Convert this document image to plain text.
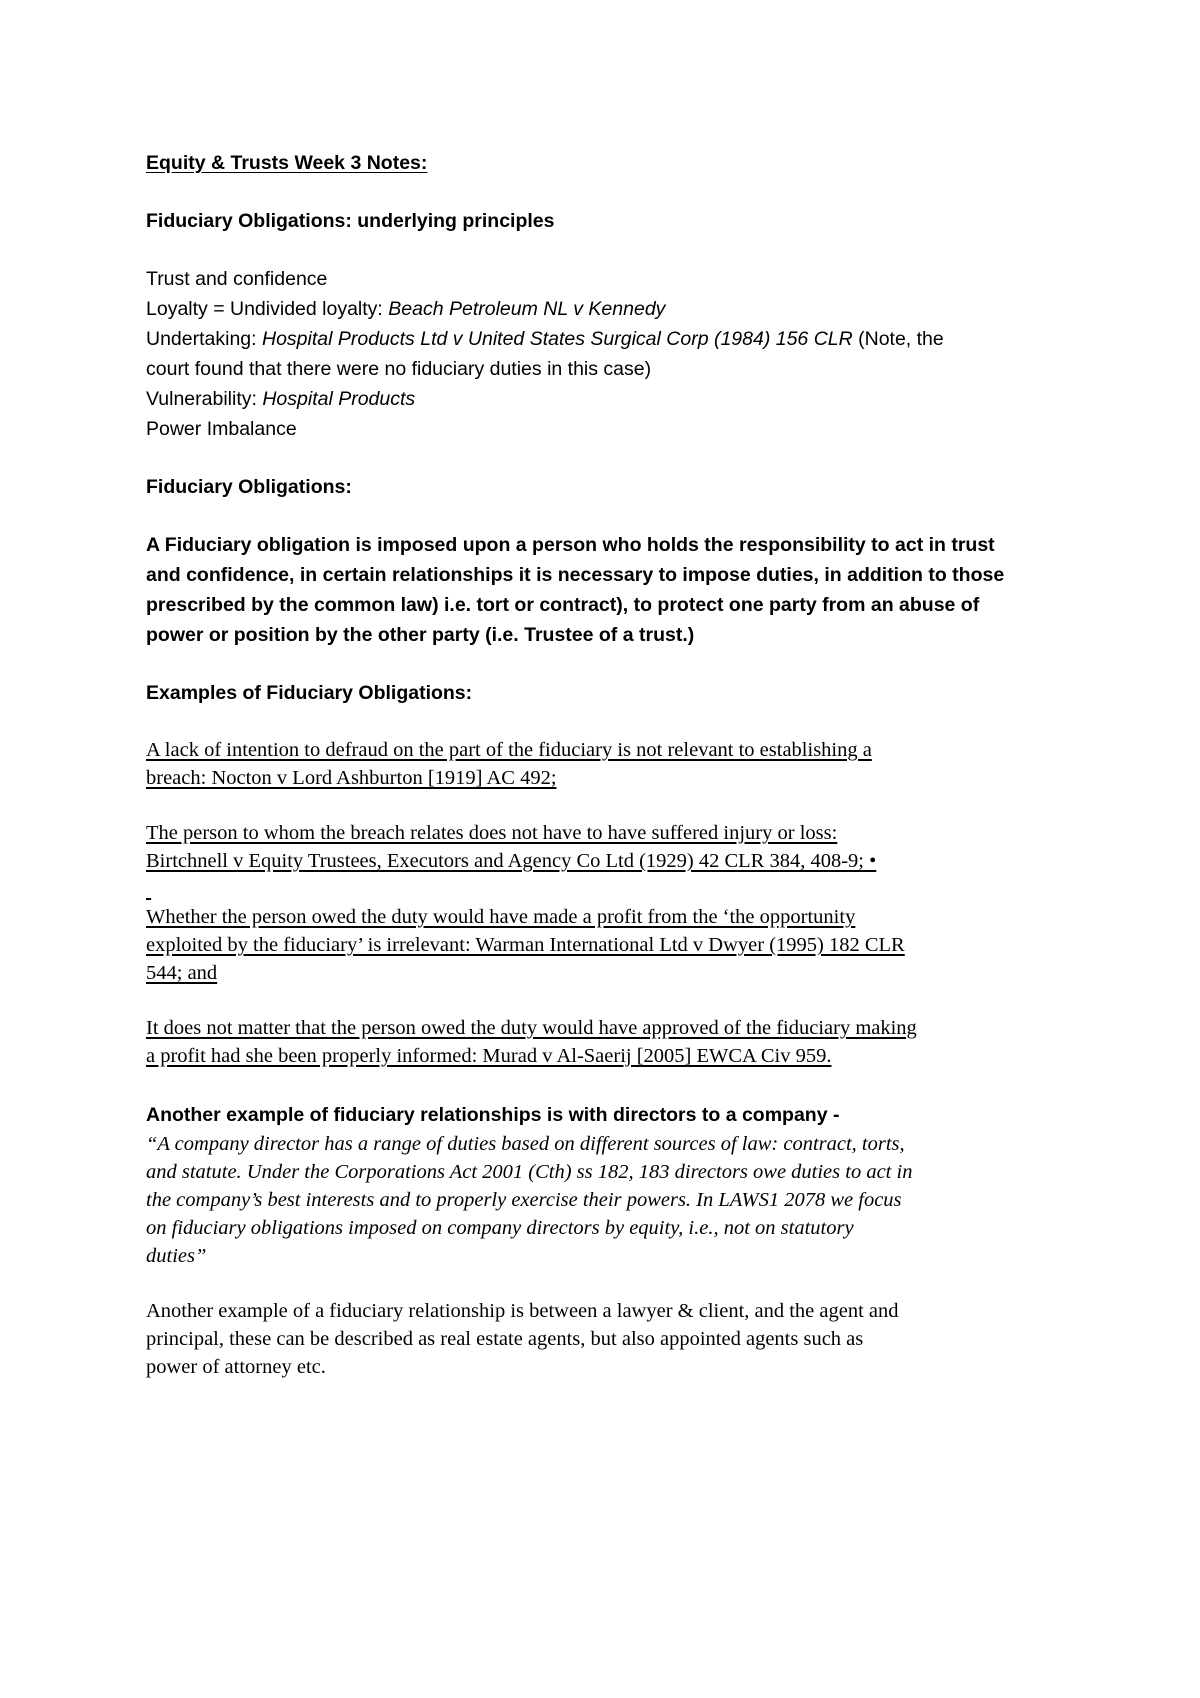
Equity & Trusts Week 3 Notes:

Fiduciary Obligations: underlying principles

Trust and confidence

Loyalty = Undivided loyalty: Beach Petroleum NL v Kennedy

Undertaking: Hospital Products Ltd v United States Surgical Corp (1984) 156 CLR (Note, the

court found that there were no fiduciary duties in this case)

Vulnerability: Hospital Products

Power Imbalance

Fiduciary Obligations:

A Fiduciary obligation is imposed upon a person who holds the responsibility to act in trust
and confidence, in certain relationships it is necessary to impose duties, in addition to those
prescribed by the common law) i.e. tort or contract), to protect one party from an abuse of
power or position by the other party (i.e. Trustee of a trust.)

Examples of Fiduciary Obligations:

A lack of intention to defraud on the part of the fiduciary is not relevant to establishing a
breach: Nocton v Lord Ashburton [1919] AC 492;
The person to whom the breach relates does not have to have suffered injury or loss:
Birtchnell v Equity Trustees, Executors and Agency Co Ltd (1929) 42 CLR 384, 408-9; •

Whether the person owed the duty would have made a profit from the ‘the opportunity
exploited by the fiduciary’ is irrelevant: Warman International Ltd v Dwyer (1995) 182 CLR
544; and
It does not matter that the person owed the duty would have approved of the fiduciary making
a profit had she been properly informed: Murad v Al-Saerij [2005] EWCA Civ 959.

Another example of fiduciary relationships is with directors to a company -

“A company director has a range of duties based on different sources of law: contract, torts,
and statute. Under the Corporations Act 2001 (Cth) ss 182, 183 directors owe duties to act in
the company’s best interests and to properly exercise their powers. In LAWS1 2078 we focus
on fiduciary obligations imposed on company directors by equity, i.e., not on statutory
duties”
Another example of a fiduciary relationship is between a lawyer & client, and the agent and
principal, these can be described as real estate agents, but also appointed agents such as
power of attorney etc.
